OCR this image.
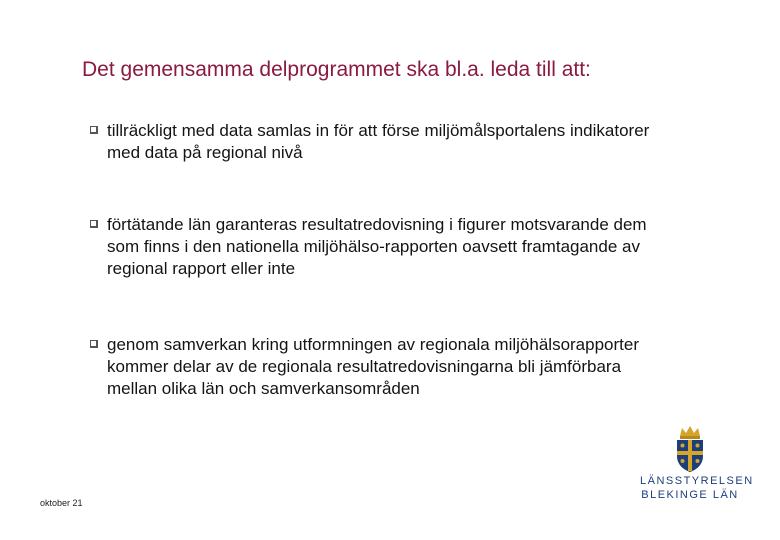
Det gemensamma delprogrammet ska bl.a. leda till att:
tillräckligt med data samlas in för att förse miljömålsportalens indikatorer med data på regional nivå
förtätande län garanteras resultatredovisning i figurer motsvarande dem som finns i den nationella miljöhälso-rapporten oavsett framtagande av regional rapport eller inte
genom samverkan kring utformningen av regionala miljöhälsorapporter kommer delar av de regionala resultatredovisningarna bli jämförbara mellan olika län och samverkansområden
oktober 21
LÄNSSTYRELSEN
BLEKINGE LÄN
